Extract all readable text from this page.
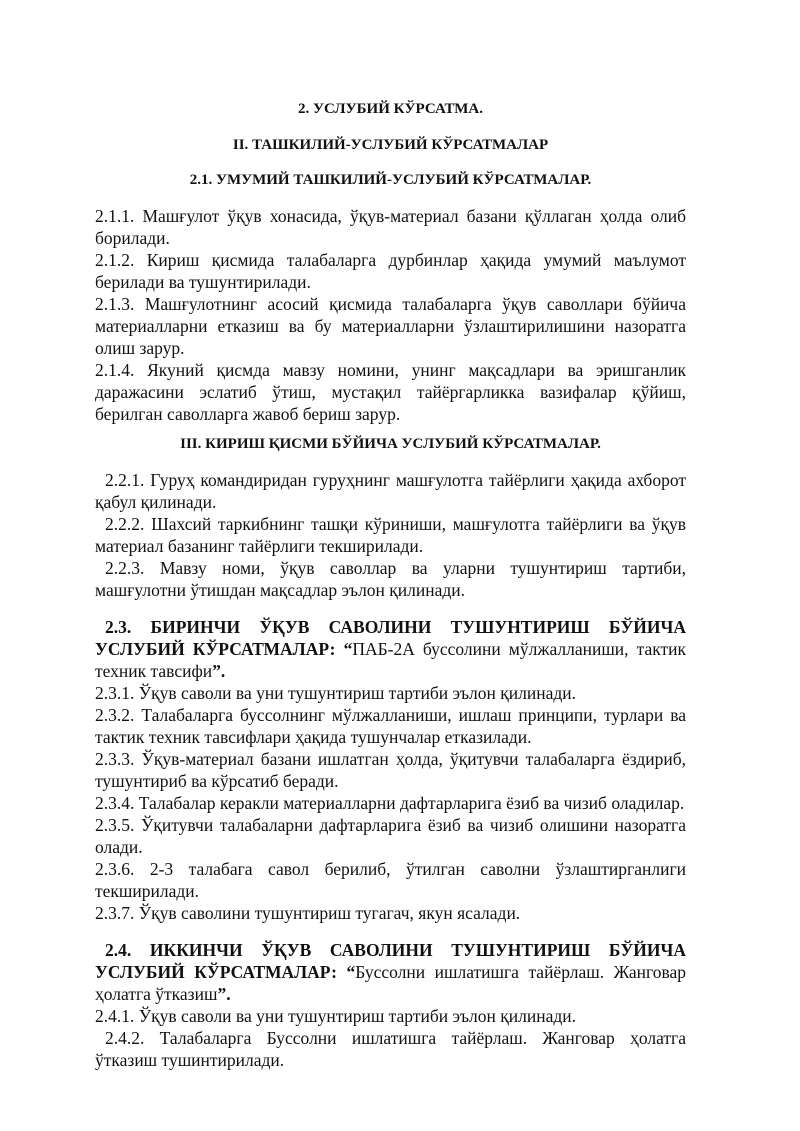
2. УСЛУБИЙ КЎРСАТМА.
II. ТАШКИЛИЙ-УСЛУБИЙ КЎРСАТМАЛАР
2.1. УМУМИЙ ТАШКИЛИЙ-УСЛУБИЙ КЎРСАТМАЛАР.

2.1.1. Машғулот ўқув хонасида, ўқув-материал базани қўллаган ҳолда олиб борилади.

2.1.2. Кириш қисмида талабаларга дурбинлар ҳақида умумий маълумот берилади ва тушунтирилади.

2.1.3. Машғулотнинг асосий қисмида талабаларга ўқув саволлари бўйича материалларни етказиш ва бу материалларни ўзлаштирилишини назоратга олиш зарур.

2.1.4. Якуний қисмда мавзу номини, унинг мақсадлари ва эришганлик даражасини эслатиб ўтиш, мустақил тайёргарликка вазифалар қўйиш, берилган саволларга жавоб бериш зарур.

III. КИРИШ ҚИСМИ БЎЙИЧА УСЛУБИЙ КЎРСАТМАЛАР.

2.2.1. Гуруҳ командиридан гуруҳнинг машғулотга тайёрлиги ҳақида ахборот қабул қилинади.

2.2.2. Шахсий таркибнинг ташқи кўриниши, машғулотга тайёрлиги ва ўқув материал базанинг тайёрлиги текширилади.

2.2.3. Мавзу номи, ўқув саволлар ва уларни тушунтириш тартиби, машғулотни ўтишдан мақсадлар эълон қилинади.

2.3. БИРИНЧИ ЎҚУВ САВОЛИНИ ТУШУНТИРИШ БЎЙИЧА УСЛУБИЙ КЎРСАТМАЛАР: “ПАБ-2А буссолини мўлжалланиши, тактик техник тавсифи”.

2.3.1. Ўқув саволи ва уни тушунтириш тартиби эълон қилинади.

2.3.2. Талабаларга буссолнинг мўлжалланиши, ишлаш принципи, турлари ва тактик техник тавсифлари ҳақида тушунчалар етказилади.

2.3.3. Ўқув-материал базани ишлатган ҳолда, ўқитувчи талабаларга ёздириб, тушунтириб ва кўрсатиб беради.

2.3.4. Талабалар керакли материалларни дафтарларига ёзиб ва чизиб оладилар.

2.3.5. Ўқитувчи талабаларни дафтарларига ёзиб ва чизиб олишини назоратга олади.

2.3.6. 2-3 талабага савол берилиб, ўтилган саволни ўзлаштирганлиги текширилади.

2.3.7. Ўқув саволини тушунтириш тугагач, якун ясалади.

2.4. ИККИНЧИ ЎҚУВ САВОЛИНИ ТУШУНТИРИШ БЎЙИЧА УСЛУБИЙ КЎРСАТМАЛАР: “Буссолни ишлатишга тайёрлаш. Жанговар ҳолатга ўтказиш”.

2.4.1. Ўқув саволи ва уни тушунтириш тартиби эълон қилинади.

2.4.2. Талабаларга Буссолни ишлатишга тайёрлаш. Жанговар ҳолатга ўтказиш тушинтирилади.
